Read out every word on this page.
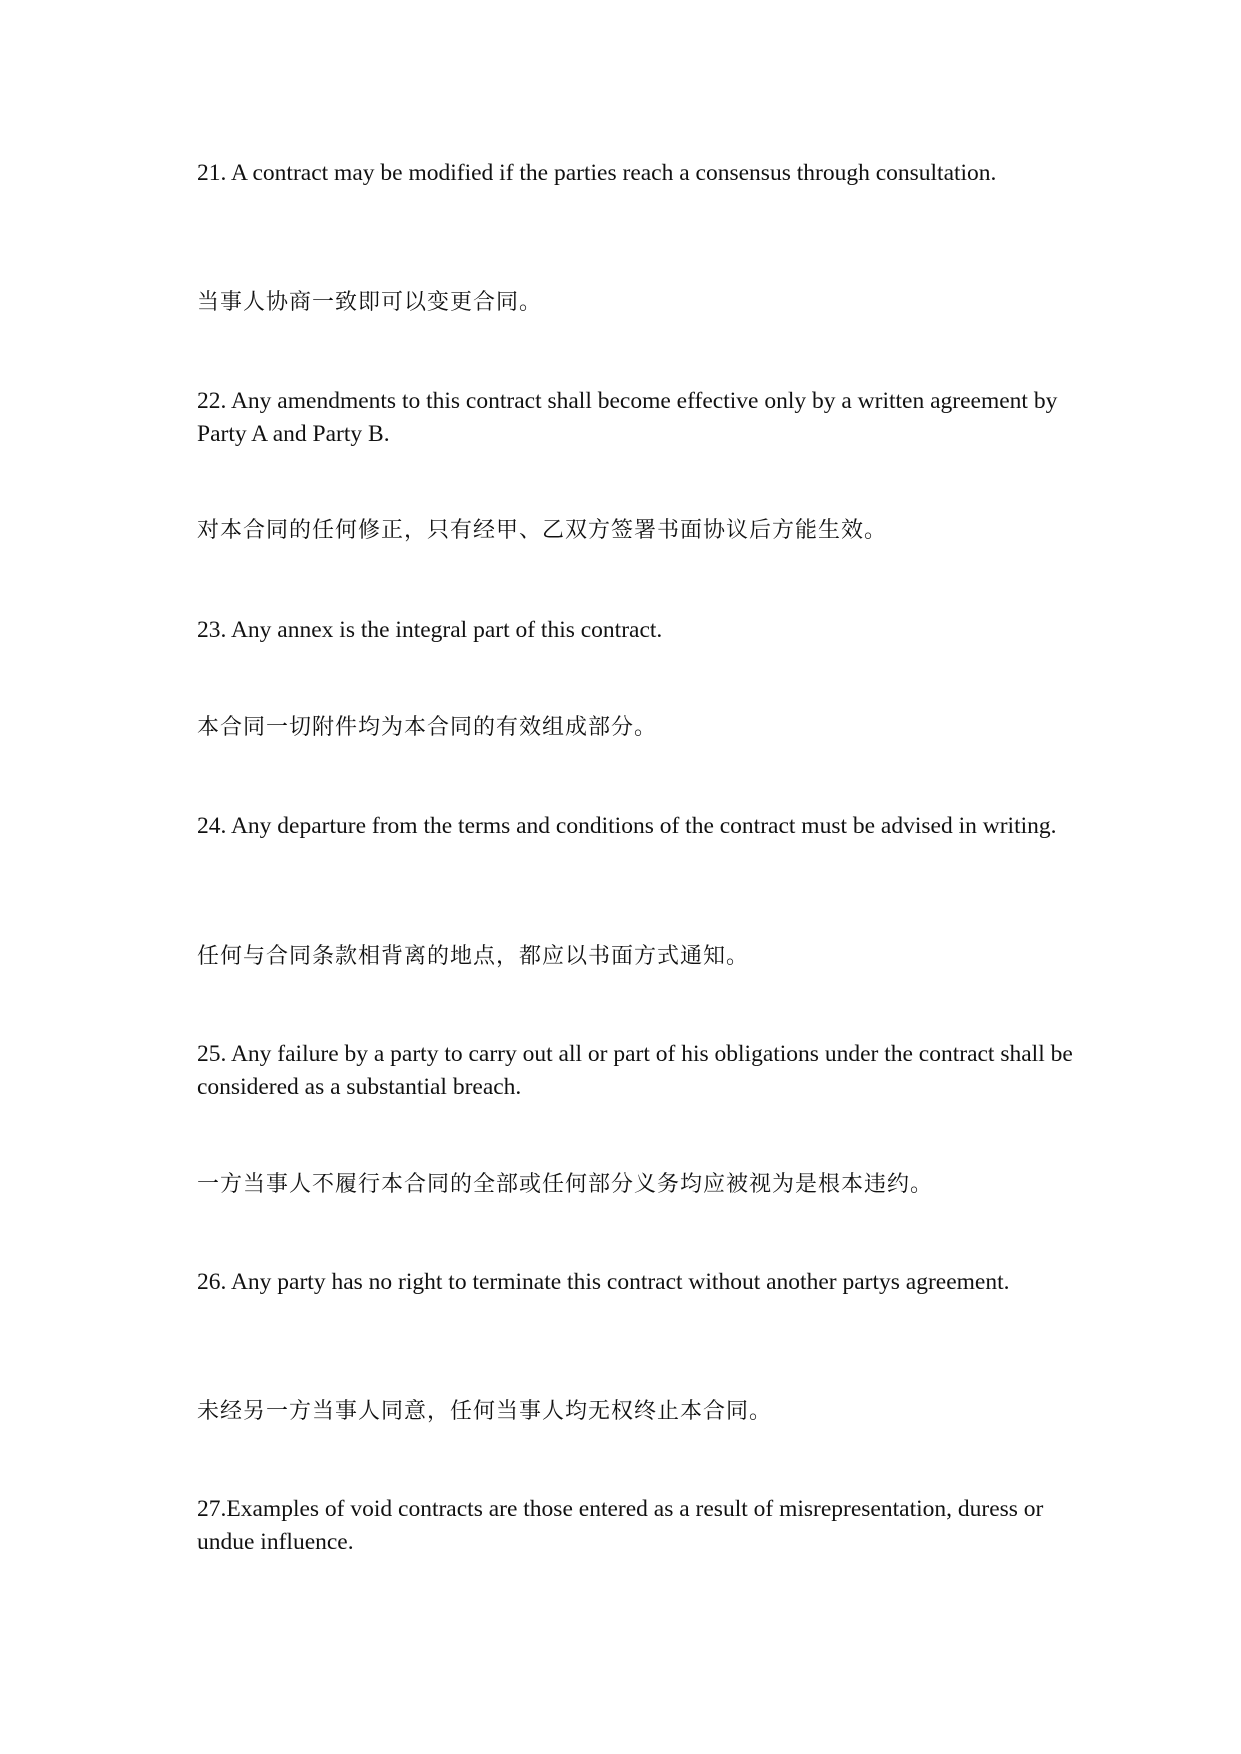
21. A contract may be modified if the parties reach a consensus through consultation.

当事人协商一致即可以变更合同。

22. Any amendments to this contract shall become effective only by a written agreement by Party A and Party B.

对本合同的任何修正，只有经甲、乙双方签署书面协议后方能生效。

23. Any annex is the integral part of this contract.

本合同一切附件均为本合同的有效组成部分。

24. Any departure from the terms and conditions of the contract must be advised in writing.

任何与合同条款相背离的地点，都应以书面方式通知。

25. Any failure by a party to carry out all or part of his obligations under the contract shall be considered as a substantial breach.

一方当事人不履行本合同的全部或任何部分义务均应被视为是根本违约。

26. Any party has no right to terminate this contract without another partys agreement.

未经另一方当事人同意，任何当事人均无权终止本合同。

27.Examples of void contracts are those entered as a result of misrepresentation, duress or undue influence.
